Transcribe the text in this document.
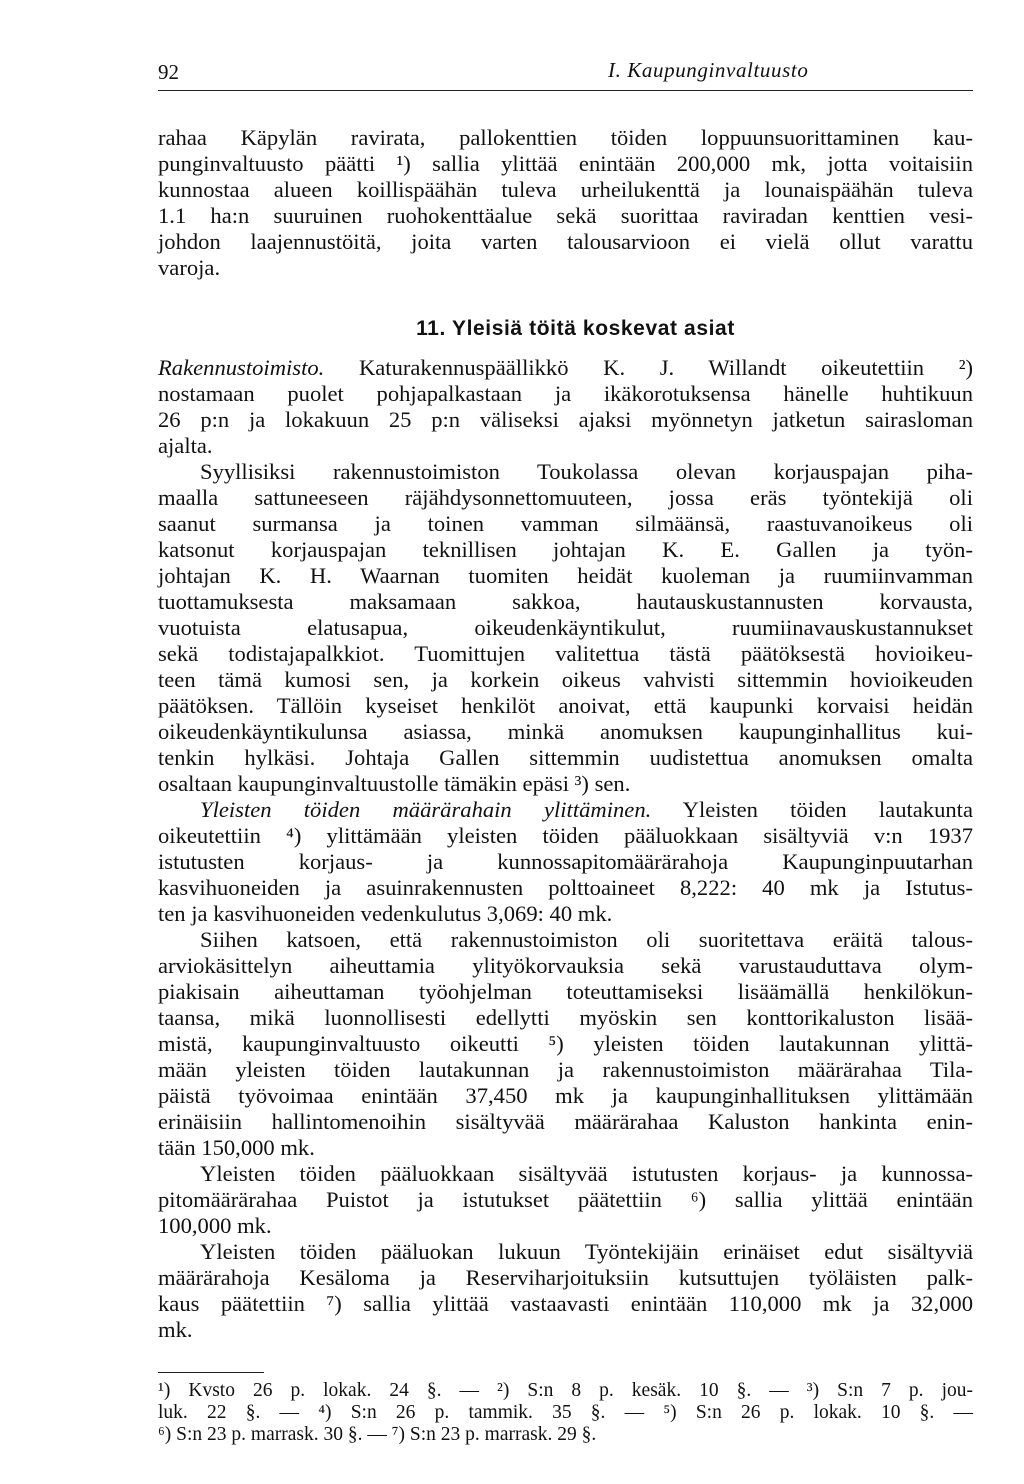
92	I. Kaupunginvaltuusto
rahaa Käpylän ravirata, pallokenttien töiden loppuunsuorittaminen kau-
punginvaltuusto päätti ¹) sallia ylittää enintään 200,000 mk, jotta voitaisiin
kunnostaa alueen koillispäähän tuleva urheilukenttä ja lounaispäähän tuleva
1.1 ha:n suuruinen ruohokenttäalue sekä suorittaa raviradan kenttien vesi-
johdon laajennustöitä, joita varten talousarvioon ei vielä ollut varattu
varoja.
11. Yleisiä töitä koskevat asiat
Rakennustoimisto. Katurakennuspäällikkö K. J. Willandt oikeutettiin ²)
nostamaan puolet pohjapalkastaan ja ikäkorotuksensa hänelle huhtikuun
26 p:n ja lokakuun 25 p:n väliseksi ajaksi myönnetyn jatketun sairasloman
ajalta.
Syyllisiksi rakennustoimiston Toukolassa olevan korjauspajan piha-
maalla sattuneeseen räjähdysonnettomuuteen, jossa eräs työntekijä oli
saanut surmansa ja toinen vamman silmäänsä, raastuvanoikeus oli
katsonut korjauspajan teknillisen johtajan K. E. Gallen ja työn-
johtajan K. H. Waarnan tuomiten heidät kuoleman ja ruumiinvamman
tuottamuksesta maksamaan sakkoa, hautauskustannusten korvausta,
vuotuista elatusapua, oikeudenkäyntikulut, ruumiinavauskustannukset
sekä todistajapalkkiot. Tuomittujen valitettua tästä päätöksestä hovioikeu-
teen tämä kumosi sen, ja korkein oikeus vahvisti sittemmin hovioikeuden
päätöksen. Tällöin kyseiset henkilöt anoivat, että kaupunki korvaisi heidän
oikeudenkäyntikulunsa asiassa, minkä anomuksen kaupunginhallitus kui-
tenkin hylkäsi. Johtaja Gallen sittemmin uudistettua anomuksen omalta
osaltaan kaupunginvaltuustolle tämäkin epäsi ³) sen.
Yleisten töiden määrärahain ylittäminen. Yleisten töiden lautakunta
oikeutettiin ⁴) ylittämään yleisten töiden pääluokkaan sisältyviä v:n 1937
istutusten korjaus- ja kunnossapitomäärärahoja Kaupunginpuutarhan
kasvihuoneiden ja asuinrakennusten polttoaineet 8,222: 40 mk ja Istutus-
ten ja kasvihuoneiden vedenkulutus 3,069: 40 mk.
Siihen katsoen, että rakennustoimiston oli suoritettava eräitä talous-
arviokäsittelyn aiheuttamia ylityökorvauksia sekä varustauduttava olym-
piakisain aiheuttaman työohjelman toteuttamiseksi lisäämällä henkilökun-
taansa, mikä luonnollisesti edellytti myöskin sen konttorikaluston lisää-
mistä, kaupunginvaltuusto oikeutti ⁵) yleisten töiden lautakunnan ylittä-
mään yleisten töiden lautakunnan ja rakennustoimiston määrärahaa Tila-
päistä työvoimaa enintään 37,450 mk ja kaupunginhallituksen ylittämään
erinäisiin hallintomenoihin sisältyvää määrärahaa Kaluston hankinta enin-
tään 150,000 mk.
Yleisten töiden pääluokkaan sisältyvää istutusten korjaus- ja kunnossa-
pitomäärärahaa Puistot ja istutukset päätettiin ⁶) sallia ylittää enintään
100,000 mk.
Yleisten töiden pääluokan lukuun Työntekijäin erinäiset edut sisältyviä
määrärahoja Kesäloma ja Reserviharjoituksiin kutsuttujen työläisten palk-
kaus päätettiin ⁷) sallia ylittää vastaavasti enintään 110,000 mk ja 32,000
mk.
¹) Kvsto 26 p. lokak. 24 §. — ²) S:n 8 p. kesäk. 10 §. — ³) S:n 7 p. jou-
luk. 22 §. — ⁴) S:n 26 p. tammik. 35 §. — ⁵) S:n 26 p. lokak. 10 §. —
⁶) S:n 23 p. marrask. 30 §. — ⁷) S:n 23 p. marrask. 29 §.
